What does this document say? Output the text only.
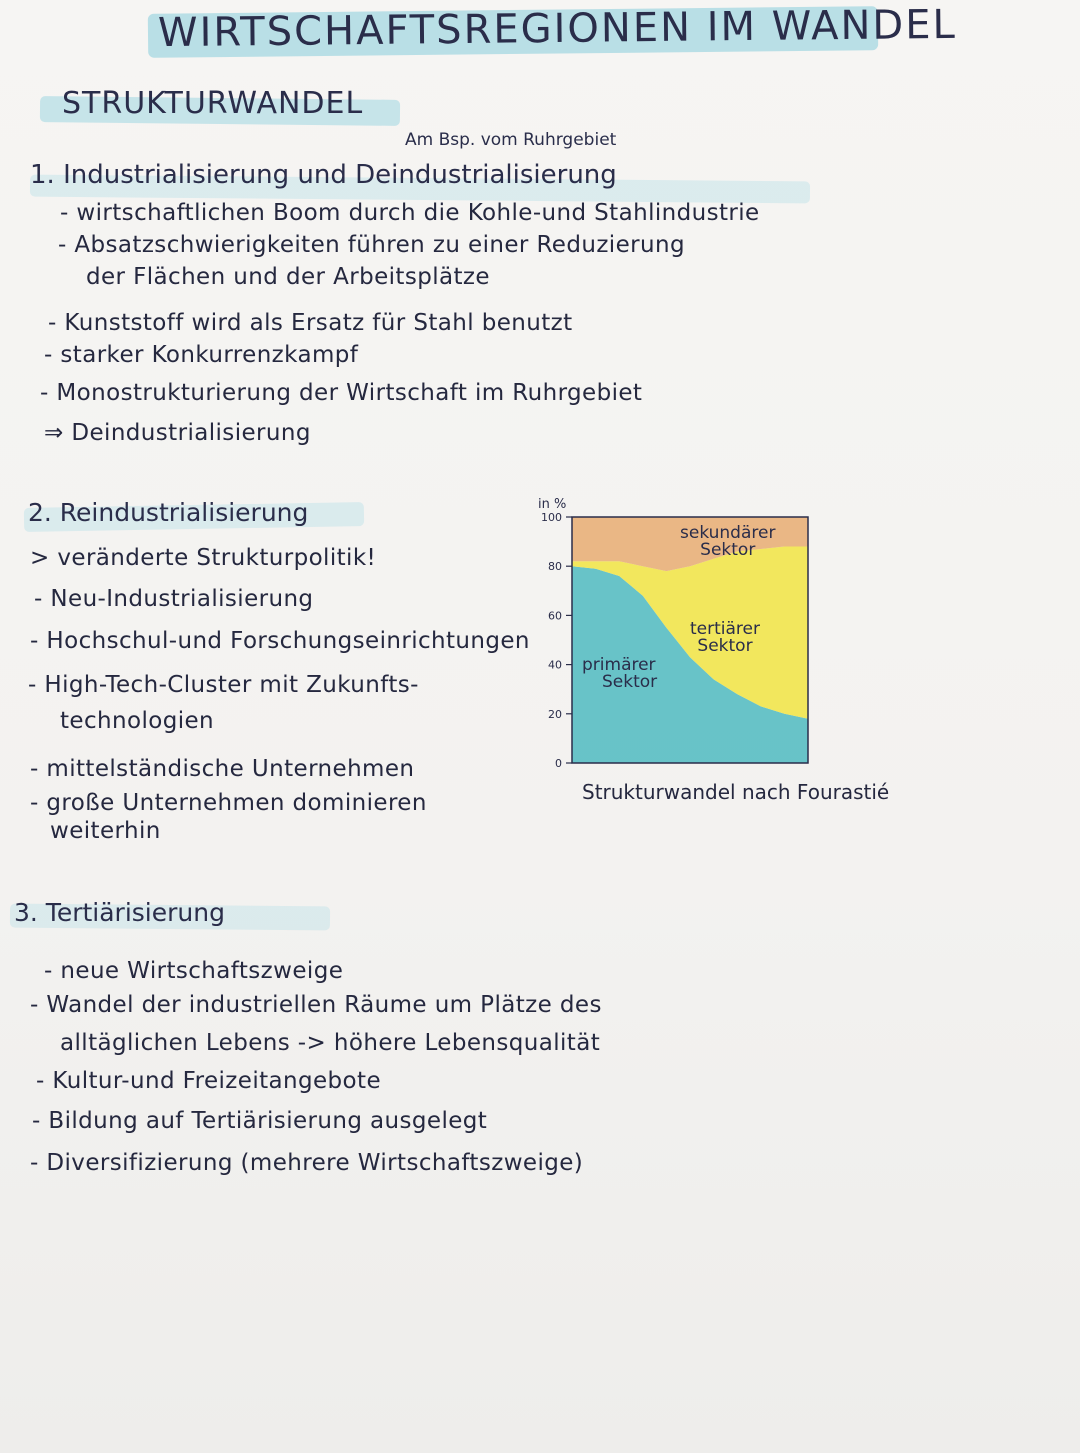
WIRTSCHAFTSREGIONEN IM WANDEL
STRUKTURWANDEL
Am Bsp. vom Ruhrgebiet
1. Industrialisierung und Deindustrialisierung
- wirtschaftlichen Boom durch die Kohle-und Stahlindustrie
- Absatzschwierigkeiten führen zu einer Reduzierung
der Flächen und der Arbeitsplätze
- Kunststoff wird als Ersatz für Stahl benutzt
- starker Konkurrenzkampf
- Monostrukturierung der Wirtschaft im Ruhrgebiet
⇒ Deindustrialisierung
2. Reindustrialisierung
> veränderte Strukturpolitik!
- Neu-Industrialisierung
- Hochschul-und Forschungseinrichtungen
- High-Tech-Cluster mit Zukunfts-
technologien
- mittelständische Unternehmen
- große Unternehmen dominieren
weiterhin
in %
0
20
40
60
80
100
Strukturwandel nach Fourastié
sekundärer
Sektor
tertiärer
Sektor
primärer
Sektor
3. Tertiärisierung
- neue Wirtschaftszweige
- Wandel der industriellen Räume um Plätze des
alltäglichen Lebens -> höhere Lebensqualität
- Kultur-und Freizeitangebote
- Bildung auf Tertiärisierung ausgelegt
- Diversifizierung (mehrere Wirtschaftszweige)
